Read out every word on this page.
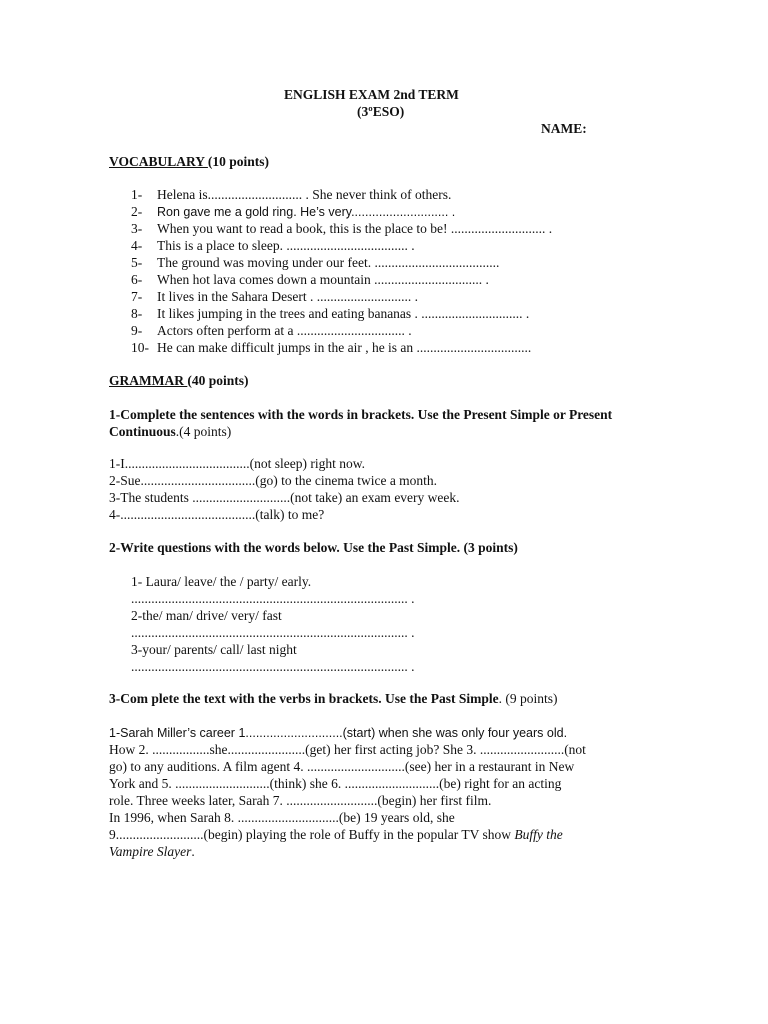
ENGLISH EXAM 2nd TERM
(3ºESO)
NAME:
VOCABULARY (10 points)
1- Helena is............................ . She never think of others.
2- Ron gave me a gold ring. He’s very............................ .
3- When you want to read a book, this is the place to be! ............................ .
4- This is a place to sleep. .................................... .
5- The ground was moving under our feet. .....................................
6- When hot lava comes down a mountain ................................ .
7- It lives in the Sahara Desert . ............................ .
8- It likes jumping in the trees and eating bananas . .............................. .
9- Actors often perform at a ................................ .
10- He can make difficult jumps in the air , he is an ..................................
GRAMMAR (40 points)
1-Complete the sentences with the words in brackets. Use the Present Simple or Present Continuous.(4 points)
1-I.....................................(not sleep) right now.
2-Sue..................................(go) to the cinema twice a month.
3-The students .............................(not take) an exam every week.
4-........................................(talk) to me?
2-Write questions with the words below. Use the Past Simple. (3 points)
1- Laura/ leave/ the / party/ early.
.................................................................................. .
2-the/ man/ drive/ very/ fast
.................................................................................. .
3-your/ parents/ call/ last night
.................................................................................. .
3-Com plete the text with the verbs in brackets. Use the Past Simple. (9 points)
1-Sarah Miller’s career 1............................(start) when she was only four years old.
How 2. .................she.......................(get) her first acting job? She 3. .........................(not
go) to any auditions. A film agent 4. .............................(see) her in a restaurant in New
York and 5. ............................(think) she 6. ............................(be) right for an acting
role. Three weeks later, Sarah 7. ...........................(begin) her first film.
In 1996, when Sarah 8. ..............................(be) 19 years old, she
9..........................(begin) playing the role of Buffy in the popular TV show Buffy the
Vampire Slayer.
